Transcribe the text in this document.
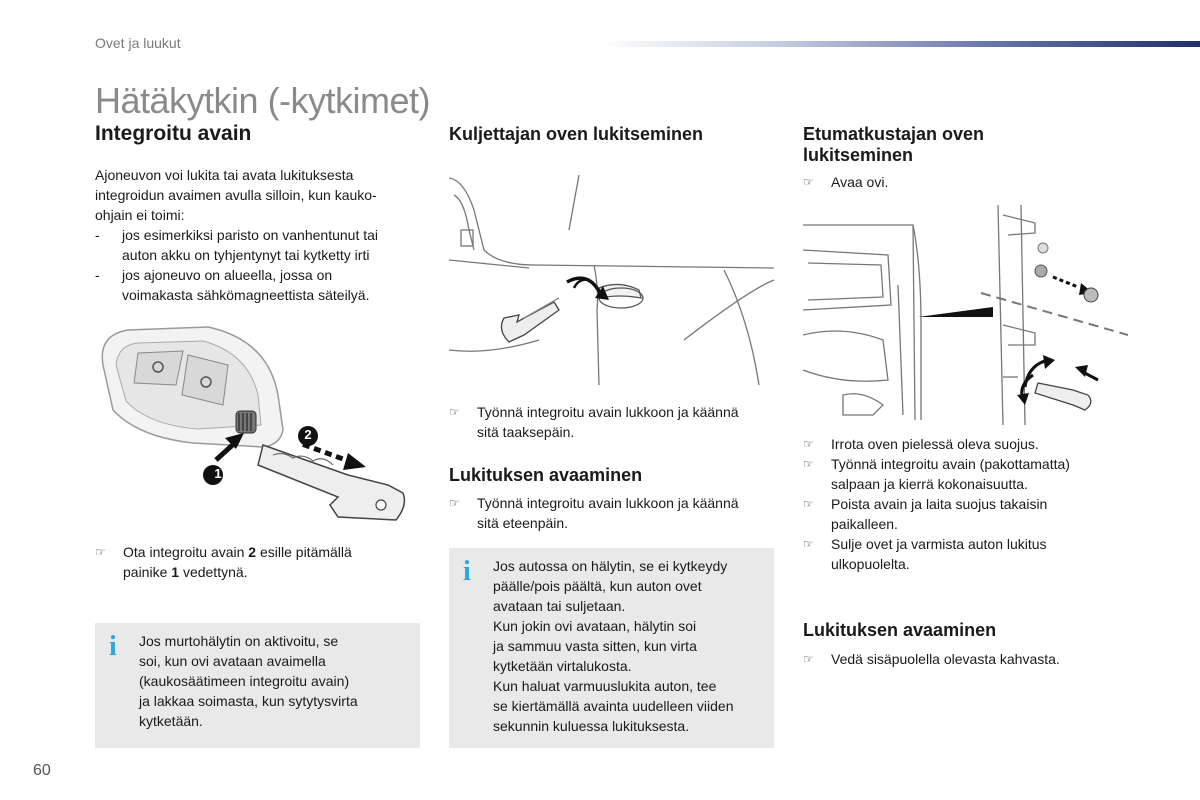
Ovet ja luukut
Hätäkytkin (-kytkimet)
Integroitu avain

Ajoneuvon voi lukita tai avata lukituksesta

integroidun avaimen avulla silloin, kun kauko-

ohjain ei toimi:

- jos esimerkiksi paristo on vanhentunut tai
auton akku on tyhjentynyt tai kytketty irti
- jos ajoneuvo on alueella, jossa on
voimakasta sähkömagneettista säteilyä.
1
2
☞ Ota integroitu avain 2 esille pitämällä
painike 1 vedettynä.
i Jos murtohälytin on aktivoitu, se

soi, kun ovi avataan avaimella

(kaukosäätimeen integroitu avain)

ja lakkaa soimasta, kun sytytysvirta

kytketään.

Kuljettajan oven lukitseminen
☞ Työnnä integroitu avain lukkoon ja käännä
sitä taaksepäin.
Lukituksen avaaminen
☞ Työnnä integroitu avain lukkoon ja käännä
sitä eteenpäin.
i Jos autossa on hälytin, se ei kytkeydy

päälle/pois päältä, kun auton ovet

avataan tai suljetaan.

Kun jokin ovi avataan, hälytin soi

ja sammuu vasta sitten, kun virta

kytketään virtalukosta.

Kun haluat varmuuslukita auton, tee

se kiertämällä avainta uudelleen viiden

sekunnin kuluessa lukituksesta.

Etumatkustajan oven
lukitseminen
☞ Avaa ovi.
☞ Irrota oven pielessä oleva suojus.
☞ Työnnä integroitu avain (pakottamatta)
salpaan ja kierrä kokonaisuutta.
☞ Poista avain ja laita suojus takaisin
paikalleen.
☞ Sulje ovet ja varmista auton lukitus
ulkopuolelta.
Lukituksen avaaminen
☞ Vedä sisäpuolella olevasta kahvasta.
60
